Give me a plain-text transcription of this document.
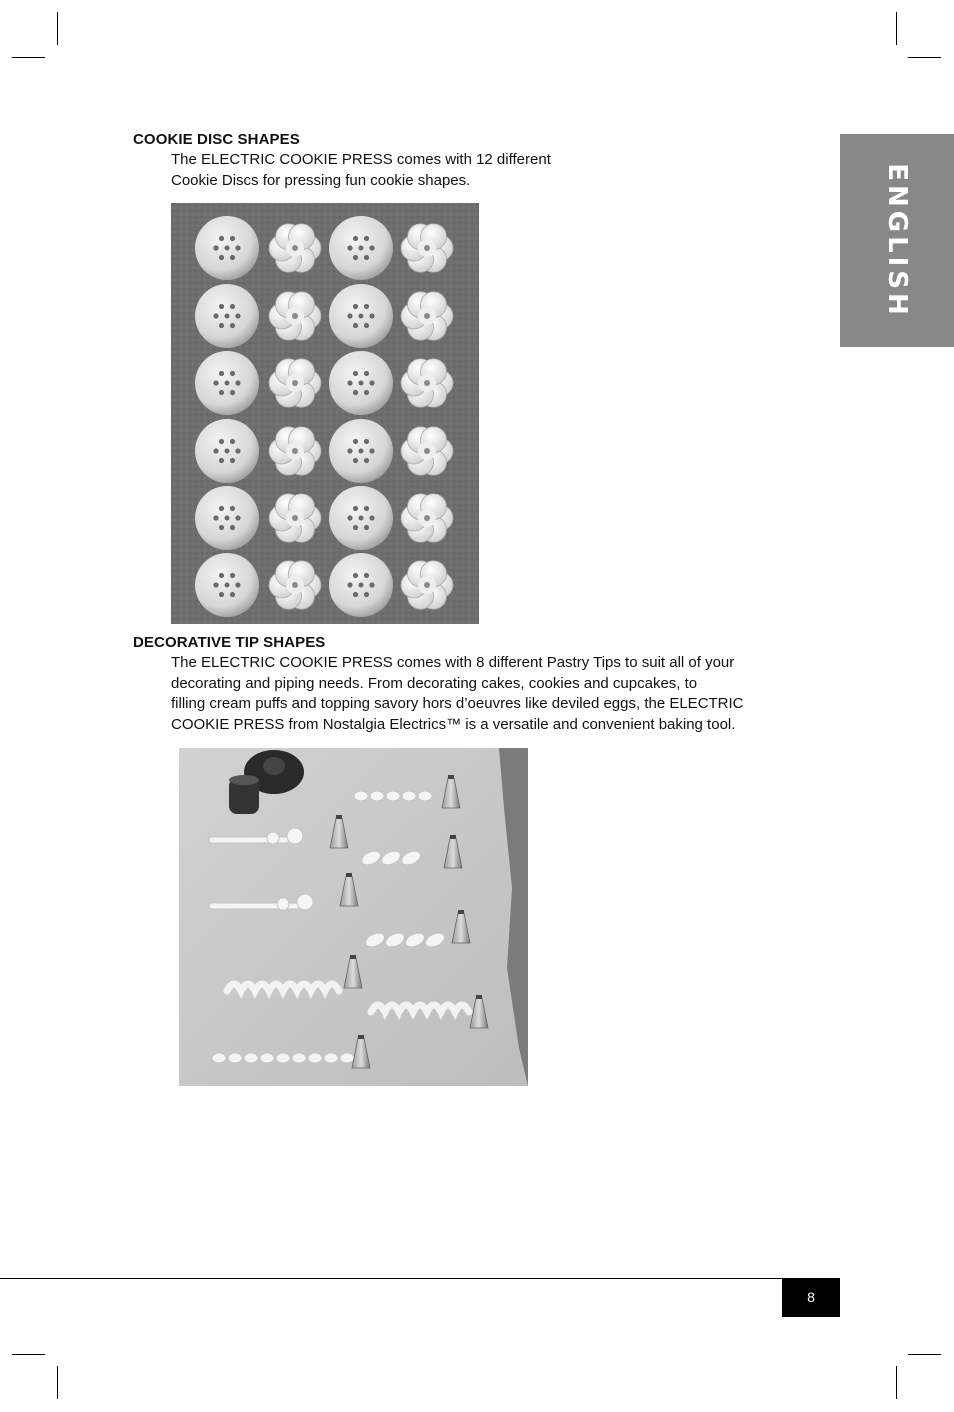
ENGLISH
COOKIE DISC SHAPES
The ELECTRIC COOKIE PRESS comes with 12 different
Cookie Discs for pressing fun cookie shapes.
DECORATIVE TIP SHAPES
The ELECTRIC COOKIE PRESS comes with 8 different Pastry Tips to suit all of your
decorating and piping needs. From decorating cakes, cookies and cupcakes, to
filling cream puffs and topping savory hors d’oeuvres like deviled eggs, the ELECTRIC
COOKIE PRESS from Nostalgia Electrics™ is a versatile and convenient baking tool.
8
